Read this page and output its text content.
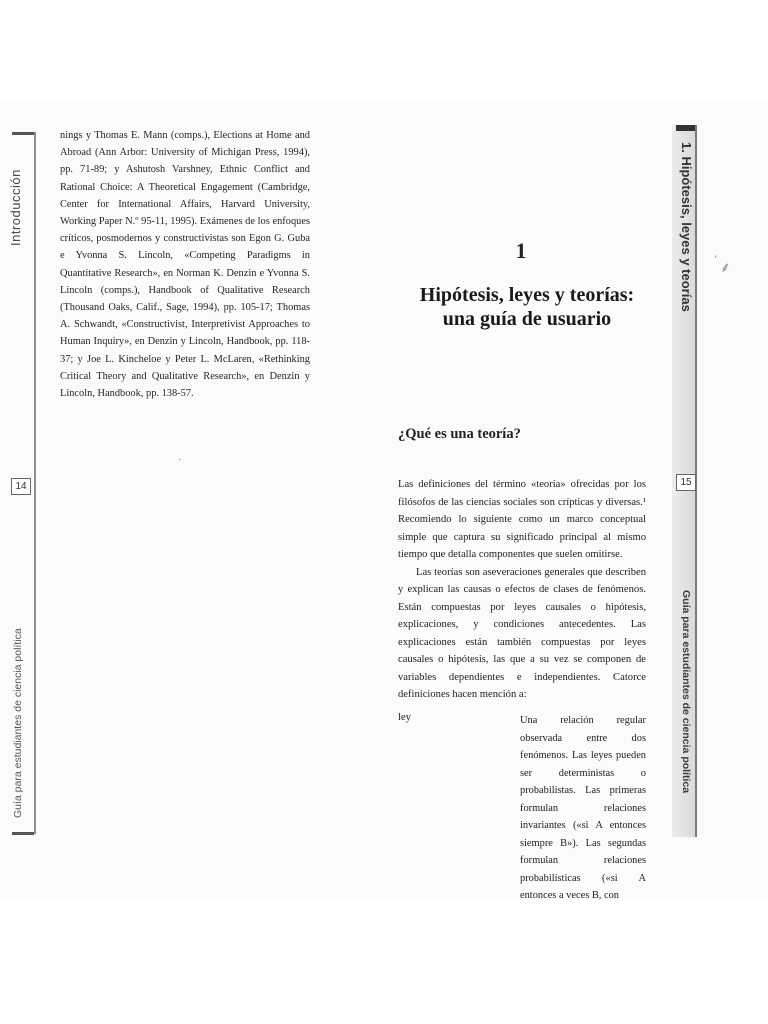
Introducción
14
Guía para estudiantes de ciencia política

nings y Thomas E. Mann (comps.), Elections at Home and Abroad (Ann Arbor: University of Michigan Press, 1994), pp. 71-89; y Ashutosh Varshney, Ethnic Conflict and Rational Choice: A Theoretical Engagement (Cambridge, Center for International Affairs, Harvard University, Working Paper N.º 95-11, 1995). Exámenes de los enfoques críticos, posmodernos y constructivistas son Egon G. Guba e Yvonna S. Lincoln, «Competing Paradigms in Quantitative Research», en Norman K. Denzin e Yvonna S. Lincoln (comps.), Handbook of Qualitative Research (Thousand Oaks, Calif., Sage, 1994), pp. 105-17; Thomas A. Schwandt, «Constructivist, Interpretivist Approaches to Human Inquiry», en Denzin y Lincoln, Handbook, pp. 118-37; y Joe L. Kincheloe y Peter L. McLaren, «Rethinking Critical Theory and Qualitative Research», en Denzin y Lincoln, Handbook, pp. 138-57.

·
1. Hipótesis, leyes y teorías
15
Guía para estudiantes de ciencia política
1
Hipótesis, leyes y teorías:
una guía de usuario
¿Qué es una teoría?

Las definiciones del término «teoría» ofrecidas por los filósofos de las ciencias sociales son crípticas y diversas.¹ Recomiendo lo siguiente como un marco conceptual simple que captura su significado principal al mismo tiempo que detalla componentes que suelen omitirse.

Las teorías son aseveraciones generales que describen y explican las causas o efectos de clases de fenómenos. Están compuestas por leyes causales o hipótesis, explicaciones, y condiciones antecedentes. Las explicaciones están también compuestas por leyes causales o hipótesis, las que a su vez se componen de variables dependientes e independientes. Catorce definiciones hacen mención a:

ley	Una relación regular observada entre dos fenómenos. Las leyes pueden ser deterministas o probabilistas. Las primeras formulan relaciones invariantes («si A entonces siempre B»). Las segundas formulan relaciones probabilísticas («si A entonces a veces B, con
‘
⸙
